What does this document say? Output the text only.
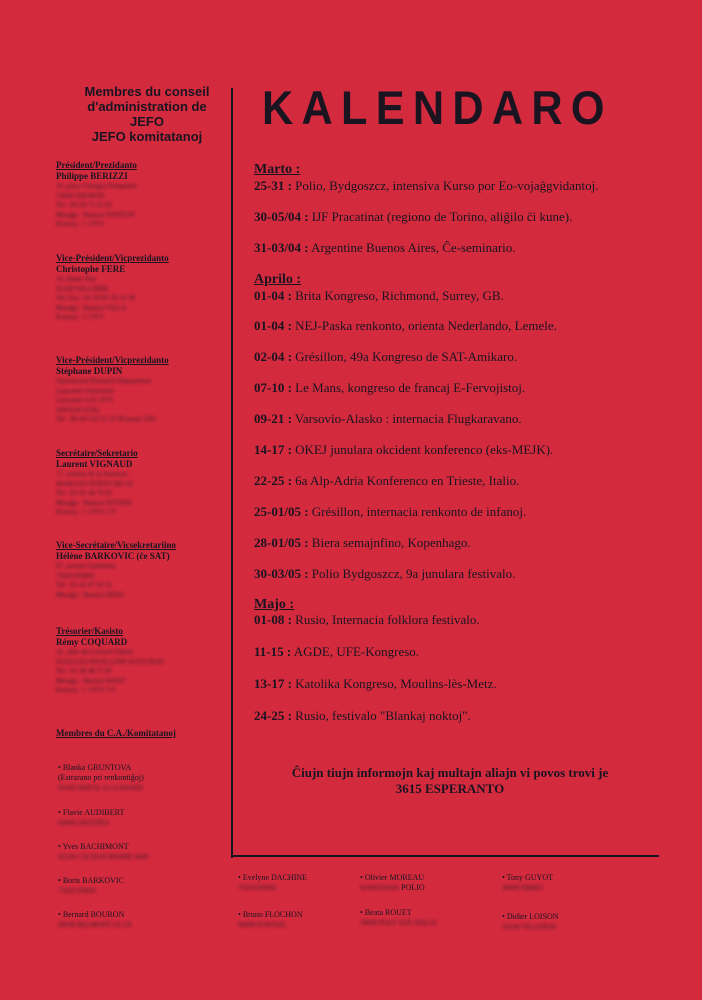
Membres du conseil
d'administration de
JEFO
JEFO komitatanoj
Président/Prezidanto
Philippe BERIZZI
16, place Georges Pompidou
74200 THONON
Tel : 04 50 71 22 81
Mesaĝo : Barizzi-TONTON
Kotizoj : 1 170 F
Vice-Président/Vicprezidanto
Christophe FERE
14, Haute Rue
91260 VALLIÈRE
Tel, Fax : 01 69 05 39 10 30
Mesaĝo : Barizzi VILLA
Kotizoj : 1 170 F
Vice-Président/Vicprezidanto
Stéphane DUPIN
Operational Research Department
Lancaster University
Lancaster LA1 4YX
ANGLIO (UK)
Tel : 00 44 524 51 25 09 poste 3301
Secrétaire/Sekretario
Laurent VIGNAUD
17, avenue de la Jeunesse
49100 LES PONTS DE CE
Tel : 02 41 44 70 81
Mesaĝo : Barizzi-TOTAIN
Kotizoj : 1 170 F, 5 F
Vice-Secrétaire/Vicsekretariino
Hélène BARKOVIC (ĉe SAT)
67, avenue Gambetta
75020 PARIS
Tel : 01 42 47 93 31
Mesaĝo : Barizzi-SEDO
Trésorier/Kasisto
Rémy COQUARD
32, allée du Colonel Fabien
93320 LES PAVILLONS SOUS BOIS
Tel : 01 48 48 75 85
Mesaĝo : Barizzi-WAST
Kotizoj : 1 170 F, 5 F
Membres du C.A./Komitatanoj
• Blanka GRUNTOVA
(Estrarano pri renkontiĝoj)
69100 SERVIL A LA BANDE
• Flavie AUDIBERT
69000 GROUPES
• Yves BACHIMONT
92240 CACHAN MAMIE 6600
• Boris BARKOVIC
75020 PARIS
• Bernard BOURON
69030 BELMONT LE CE
KALENDARO
Marto :
25-31 : Polio, Bydgoszcz, intensiva Kurso por Eo-vojaĝgvidantoj.
30-05/04 : IJF Pracatinat (regiono de Torino, aliĝilo ĉi kune).
31-03/04 : Argentine Buenos Aires, Ĉe-seminario.
Aprilo :
01-04 : Brita Kongreso, Richmond, Surrey, GB.
01-04 : NEJ-Paska renkonto, orienta Nederlando, Lemele.
02-04 : Grésillon, 49a Kongreso de SAT-Amikaro.
07-10 : Le Mans, kongreso de francaj E-Fervojistoj.
09-21 : Varsovio-Alasko : internacia Flugkaravano.
14-17 : OKEJ junulara okcident konferenco (eks-MEJK).
22-25 : 6a Alp-Adria Konferenco en Trieste, Italio.
25-01/05 : Grésillon, internacia renkonto de infanoj.
28-01/05 : Biera semajnfino, Kopenhago.
30-03/05 : Polio Bydgoszcz, 9a junulara festivalo.
Majo :
01-08 : Rusio, Internacia folklora festivalo.
11-15 : AGDE, UFE-Kongreso.
13-17 : Katolika Kongreso, Moulins-lès-Metz.
24-25 : Rusio, festivalo "Blankaj noktoj".
Ĉiujn tiujn informojn kaj multajn aliajn vi povos trovi je
3615 ESPERANTO
• Evelyne DACHINE
75019 PARIS
• Olivier MOREAU
WARSZAWA POLIO
• Tony GUYOT
30000 NIMES
• Bruno FLOCHON
69000 PONTAIL
• Beata ROUET
39000 POLY SUR SEILLE
• Didier LOISON
59100 VILLEBON
